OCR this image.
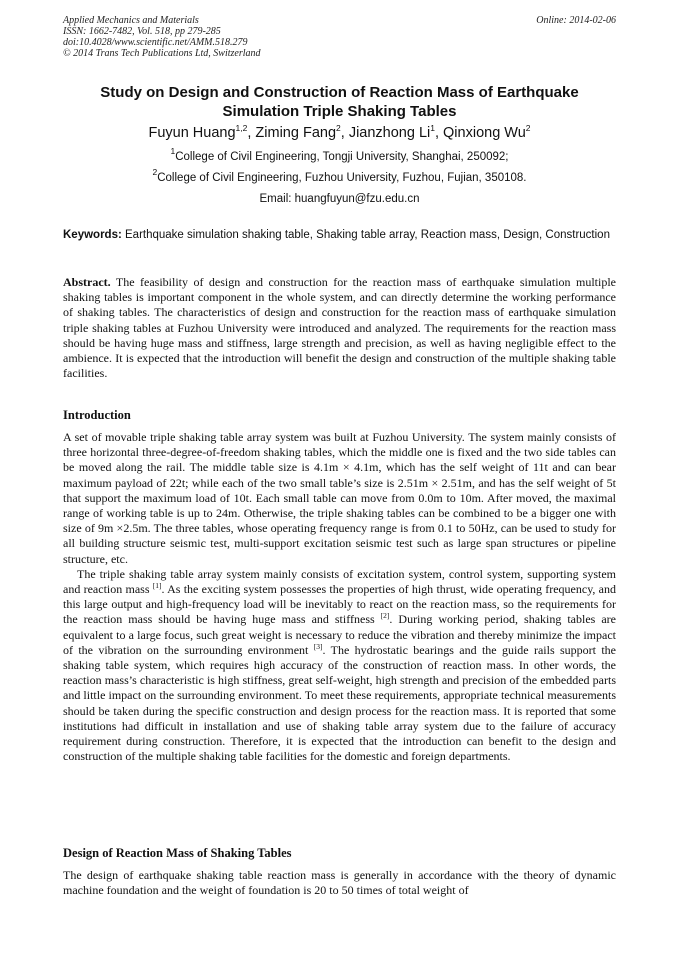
Applied Mechanics and Materials	Online: 2014-02-06
ISSN: 1662-7482, Vol. 518, pp 279-285
doi:10.4028/www.scientific.net/AMM.518.279
© 2014 Trans Tech Publications Ltd, Switzerland
Study on Design and Construction of Reaction Mass of Earthquake
Simulation Triple Shaking Tables
Fuyun Huang$^{1,2}$, Ziming Fang$^2$, Jianzhong Li$^1$, Qinxiong Wu$^2$
$^1$College of Civil Engineering, Tongji University, Shanghai, 250092;
$^2$College of Civil Engineering, Fuzhou University, Fuzhou, Fujian, 350108.
Email: huangfuyun@fzu.edu.cn
Keywords: Earthquake simulation shaking table, Shaking table array, Reaction mass, Design, Construction

Abstract. The feasibility of design and construction for the reaction mass of earthquake simulation multiple shaking tables is important component in the whole system, and can directly determine the working performance of shaking tables. The characteristics of design and construction for the reaction mass of earthquake simulation triple shaking tables at Fuzhou University were introduced and analyzed. The requirements for the reaction mass should be having huge mass and stiffness, large strength and precision, as well as having negligible effect to the ambience. It is expected that the introduction will benefit the design and construction of the multiple shaking table facilities.

Introduction

A set of movable triple shaking table array system was built at Fuzhou University. The system mainly consists of three horizontal three-degree-of-freedom shaking tables, which the middle one is fixed and the two side tables can be moved along the rail. The middle table size is 4.1m × 4.1m, which has the self weight of 11t and can bear maximum payload of 22t; while each of the two small table’s size is 2.51m × 2.51m, and has the self weight of 5t that support the maximum load of 10t. Each small table can move from 0.0m to 10m. After moved, the maximal range of working table is up to 24m. Otherwise, the triple shaking tables can be combined to be a bigger one with size of 9m ×2.5m. The three tables, whose operating frequency range is from 0.1 to 50Hz, can be used to study for all building structure seismic test, multi-support excitation seismic test such as large span structures or pipeline structure, etc.

The triple shaking table array system mainly consists of excitation system, control system, supporting system and reaction mass [1]. As the exciting system possesses the properties of high thrust, wide operating frequency, and this large output and high-frequency load will be inevitably to react on the reaction mass, so the requirements for the reaction mass should be having huge mass and stiffness [2]. During working period, shaking tables are equivalent to a large focus, such great weight is necessary to reduce the vibration and thereby minimize the impact of the vibration on the surrounding environment [3]. The hydrostatic bearings and the guide rails support the shaking table system, which requires high accuracy of the construction of reaction mass. In other words, the reaction mass’s characteristic is high stiffness, great self-weight, high strength and precision of the embedded parts and little impact on the surrounding environment. To meet these requirements, appropriate technical measurements should be taken during the specific construction and design process for the reaction mass. It is reported that some institutions had difficult in installation and use of shaking table array system due to the failure of accuracy requirement during construction. Therefore, it is expected that the introduction can benefit to the design and construction of the multiple shaking table facilities for the domestic and foreign departments.

Design of Reaction Mass of Shaking Tables

The design of earthquake shaking table reaction mass is generally in accordance with the theory of dynamic machine foundation and the weight of foundation is 20 to 50 times of total weight of
